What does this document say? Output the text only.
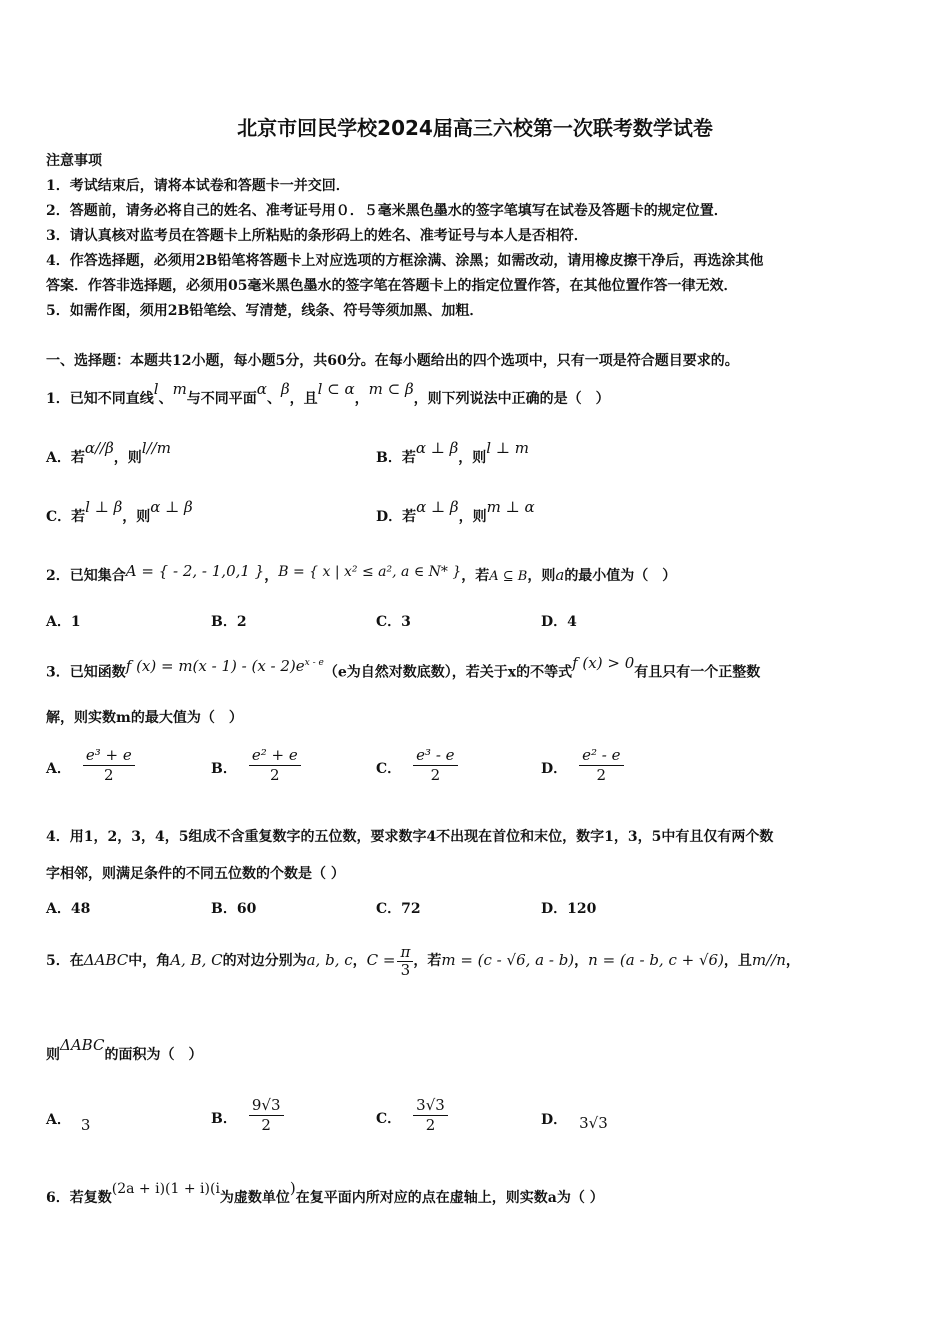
北京市回民学校2024届高三六校第一次联考数学试卷
注意事项
1．考试结束后，请将本试卷和答题卡一并交回．
2．答题前，请务必将自己的姓名、准考证号用０．５毫米黑色墨水的签字笔填写在试卷及答题卡的规定位置．
3．请认真核对监考员在答题卡上所粘贴的条形码上的姓名、准考证号与本人是否相符．
4．作答选择题，必须用2B铅笔将答题卡上对应选项的方框涂满、涂黑；如需改动，请用橡皮擦干净后，再选涂其他
答案．作答非选择题，必须用05毫米黑色墨水的签字笔在答题卡上的指定位置作答，在其他位置作答一律无效．
5．如需作图，须用2B铅笔绘、写清楚，线条、符号等须加黑、加粗．
一、选择题：本题共12小题，每小题5分，共60分。在每小题给出的四个选项中，只有一项是符合题目要求的。
1．已知不同直线l、m与不同平面α、β，且l ⊂ α，m ⊂ β，则下列说法中正确的是（　）
A．若α//β，则l//m
B．若α ⊥ β，则l ⊥ m
C．若l ⊥ β，则α ⊥ β
D．若α ⊥ β，则m ⊥ α
2．已知集合A = { - 2, - 1,0,1 }，B = { x | x² ≤ a², a ∈ N* }，若A ⊆ B，则a的最小值为（　）
A．1	B．2	C．3	D．4
3．已知函数f $(x) = m(x - 1) - (x - 2)e^{x - e}(e$为自然对数底数），若关于x的不等式f (x) > 0有且只有一个正整数
解，则实数m的最大值为（　）
A． $\frac{\text{e³ + e}}{2}$	B． $\frac{\text{e² + e}}{2}$	C． $\frac{\text{e³ - e}}{2}$	D． $\frac{\text{e² - e}}{2}$
4．用1，2，3，4，5组成不含重复数字的五位数，要求数字4不出现在首位和末位，数字1，3，5中有且仅有两个数
字相邻，则满足条件的不同五位数的个数是（ ）
A．48	B．60	C．72	D．120
5．在ΔABC中，角A, B, C的对边分别为a, b, c，$C = \frac{\pi}{3}$ ，若m = (c - √6, a - b)，n = (a - b, c + √6)，且m//n，
则ΔABC的面积为（　）
A． 3	B． $\frac{9√3}{2}$	C． $\frac{3√3}{2}$	D． 3√3
6．若复数(2a + i)(1 + i)(i为虚数单位)在复平面内所对应的点在虚轴上，则实数a为（ ）
